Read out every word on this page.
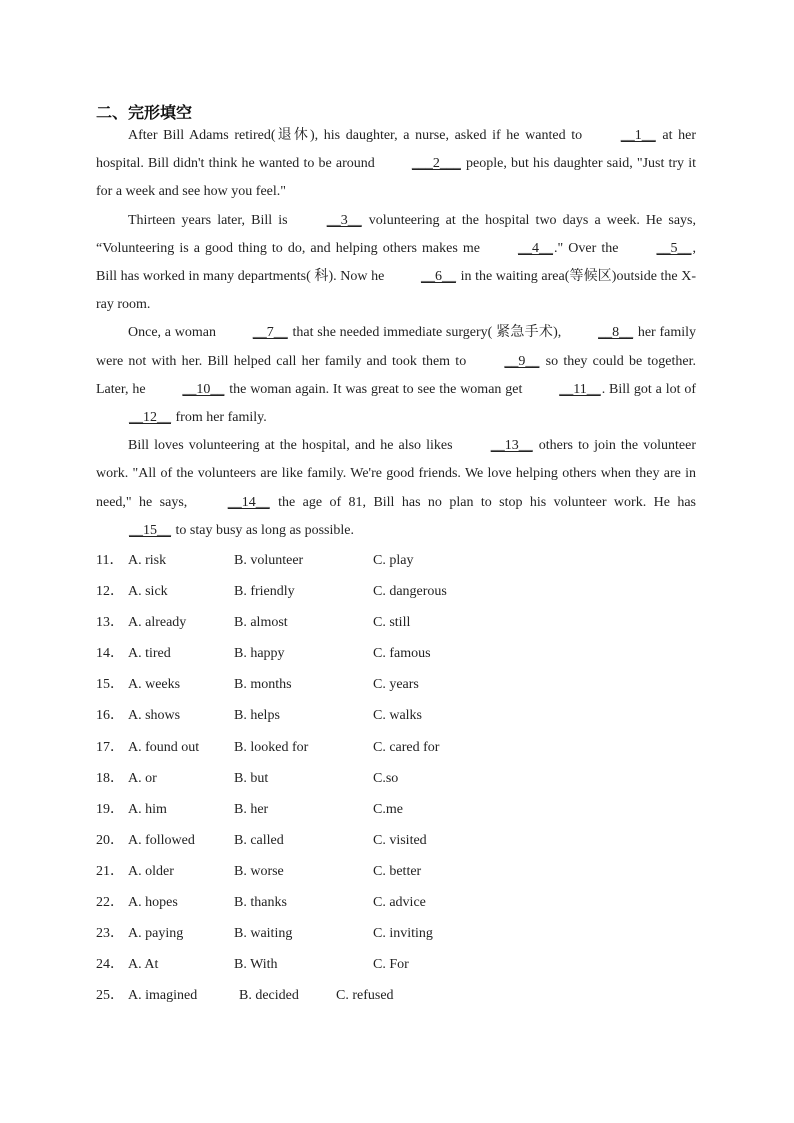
二、完形填空

After Bill Adams retired(退休), his daughter, a nurse, asked if he wanted to __1__ at her hospital. Bill didn't think he wanted to be around ___2___ people, but his daughter said, "Just try it for a week and see how you feel."

Thirteen years later, Bill is __3__ volunteering at the hospital two days a week. He says, “Volunteering is a good thing to do, and helping others makes me __4__." Over the __5__, Bill has worked in many departments( 科). Now he __6__ in the waiting area(等候区)outside the X-ray room.

Once, a woman __7__ that she needed immediate surgery( 紧急手术), __8__ her family were not with her. Bill helped call her family and took them to __9__ so they could be together. Later, he __10__ the woman again. It was great to see the woman get __11__. Bill got a lot of __12__ from her family.

Bill loves volunteering at the hospital, and he also likes __13__ others to join the volunteer work. "All of the volunteers are like family. We're good friends. We love helping others when they are in need," he says, __14__ the age of 81, Bill has no plan to stop his volunteer work. He has __15__ to stay busy as long as possible.

11． A. risk	B. volunteer	C. play
12． A. sick	B. friendly	C. dangerous
13． A. already	B. almost	C. still
14． A. tired	B. happy	C. famous
15． A. weeks	B. months	C. years
16． A. shows	B. helps	C. walks
17． A. found out B. looked for	C. cared for
18． A. or	B. but	C.so
19． A. him	B. her	C.me
20． A. followed	B. called	C. visited
21． A. older	B. worse	C. better
22． A. hopes	B. thanks	C. advice
23． A. paying	B. waiting	C. inviting
24． A. At	B. With	C. For
25． A. imagined	B. decided	C. refused
